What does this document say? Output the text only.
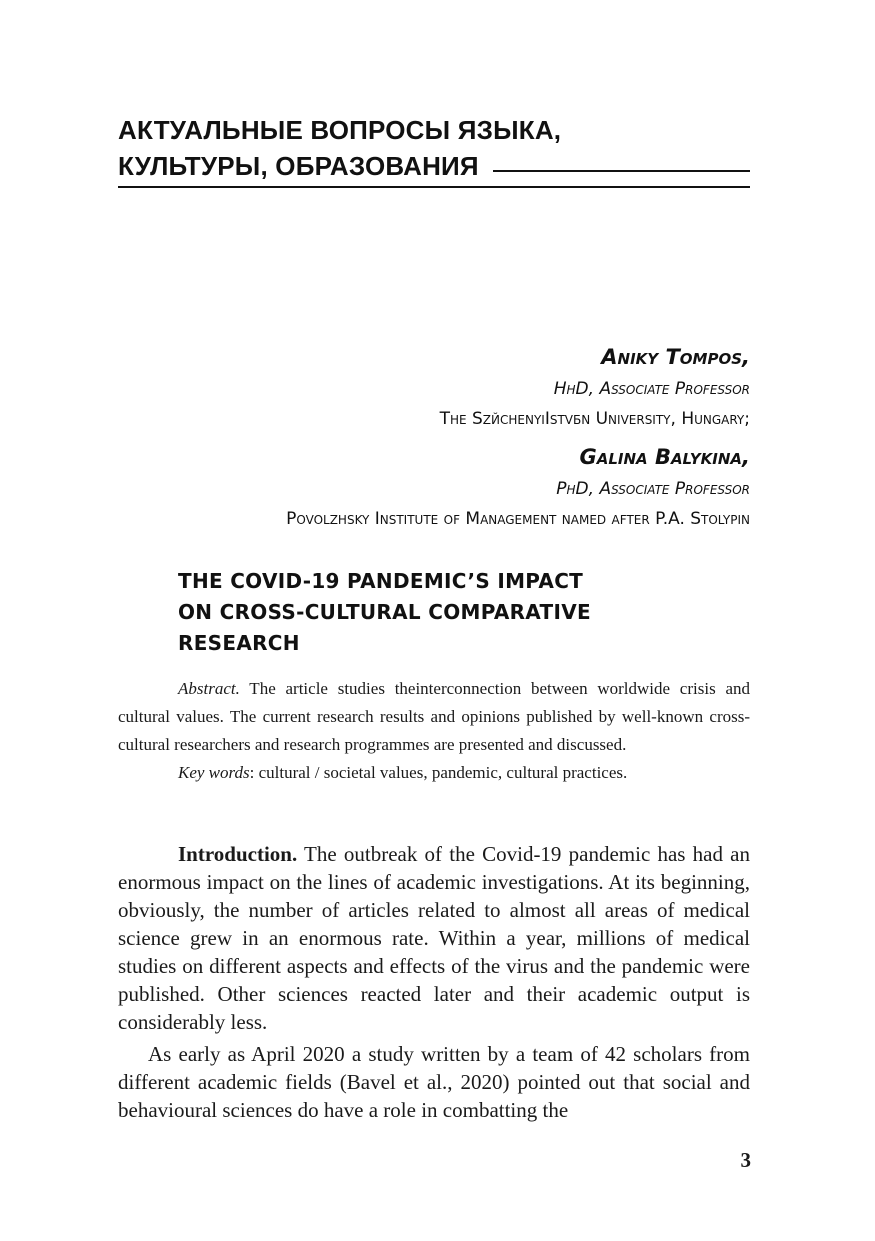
АКТУАЛЬНЫЕ ВОПРОСЫ ЯЗЫКА,
КУЛЬТУРЫ, ОБРАЗОВАНИЯ
Aniky Tompos,
HhD, Associate Professor
The SzйchenyiIstvбn University, Hungary;
Galina Balykina,
PhD, Associate Professor
Povolzhsky Institute of Management named after P.A. Stolypin
THE COVID-19 PANDEMIC’S IMPACT
ON CROSS-CULTURAL COMPARATIVE
RESEARCH

Abstract. The article studies theinterconnection between worldwide crisis and cultural values. The current research results and opinions published by well-known cross-cultural researchers and research programmes are presented and discussed.

Key words: cultural / societal values, pandemic, cultural practices.

Introduction. The outbreak of the Covid-19 pandemic has had an enormous impact on the lines of academic investigations. At its beginning, obviously, the number of articles related to almost all areas of medical science grew in an enormous rate. Within a year, millions of medical studies on different aspects and effects of the virus and the pandemic were published. Other sciences reacted later and their academic output is considerably less.

As early as April 2020 a study written by a team of 42 scholars from different academic fields (Bavel et al., 2020) pointed out that social and behavioural sciences do have a role in combatting the

3
